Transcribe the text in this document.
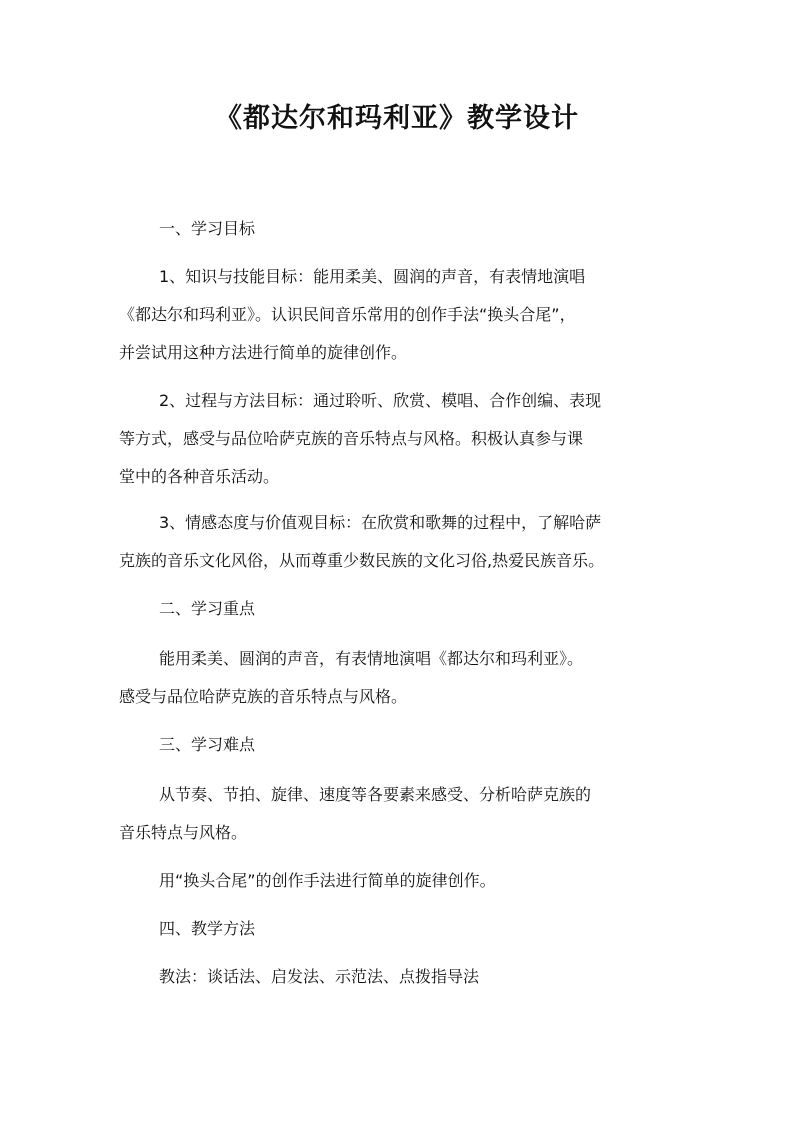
《都达尔和玛利亚》教学设计
一、学习目标
1、知识与技能目标：能用柔美、圆润的声音，有表情地演唱
《都达尔和玛利亚》。认识民间音乐常用的创作手法“换头合尾”，
并尝试用这种方法进行简单的旋律创作。
2、过程与方法目标：通过聆听、欣赏、模唱、合作创编、表现
等方式，感受与品位哈萨克族的音乐特点与风格。积极认真参与课
堂中的各种音乐活动。
3、情感态度与价值观目标：在欣赏和歌舞的过程中，了解哈萨
克族的音乐文化风俗，从而尊重少数民族的文化习俗,热爱民族音乐。
二、学习重点
能用柔美、圆润的声音，有表情地演唱《都达尔和玛利亚》。
感受与品位哈萨克族的音乐特点与风格。
三、学习难点
从节奏、节拍、旋律、速度等各要素来感受、分析哈萨克族的
音乐特点与风格。
用“换头合尾”的创作手法进行简单的旋律创作。
四、教学方法
教法：谈话法、启发法、示范法、点拨指导法
